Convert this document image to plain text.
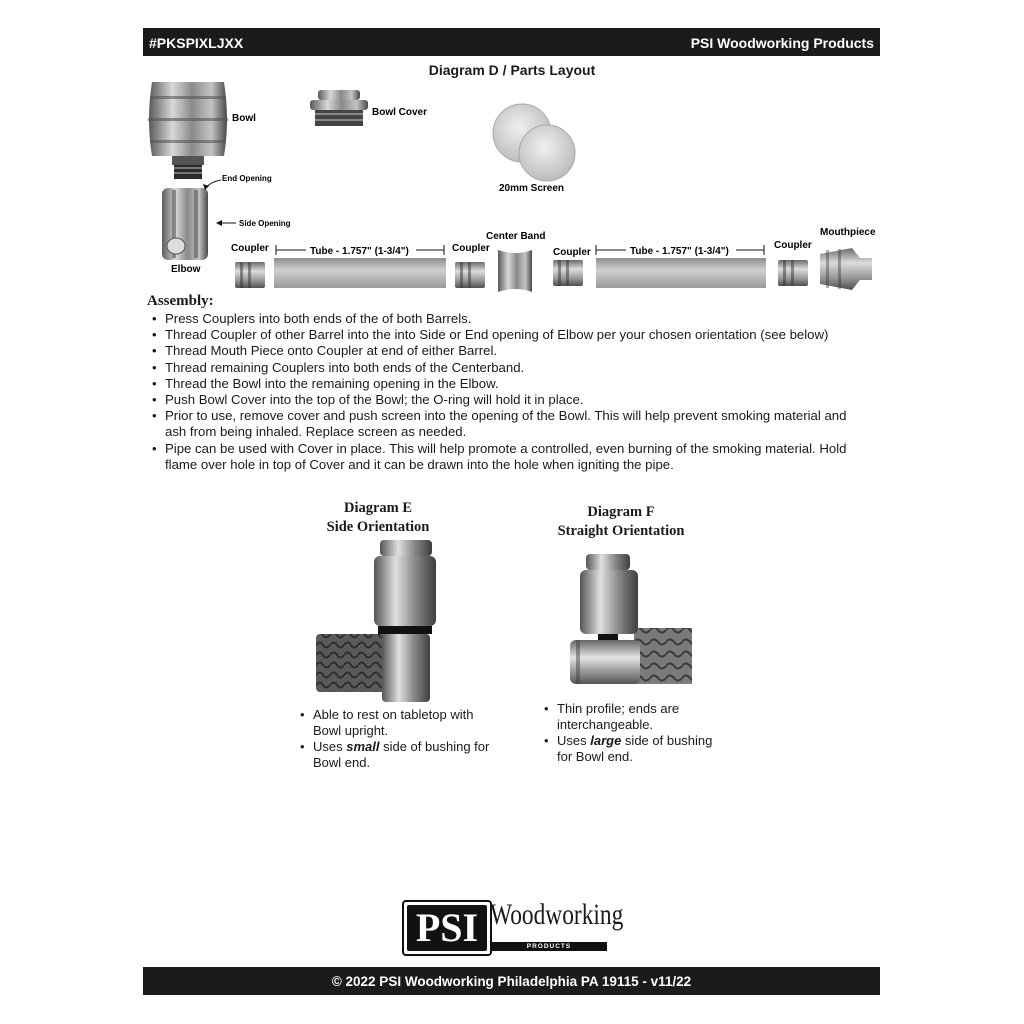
#PKSPIXLJXX	PSI Woodworking Products
Diagram D / Parts Layout
Bowl
Bowl Cover
20mm Screen
End Opening
Side Opening
Elbow
Coupler	Tube - 1.757" (1-3/4")	Coupler
Center Band
Coupler	Tube - 1.757" (1-3/4")
Coupler
Mouthpiece
Assembly:
• Press Couplers into both ends of the of both Barrels.
• Thread Coupler of other Barrel into the into Side or End opening of Elbow per your chosen orientation (see below)
• Thread Mouth Piece onto Coupler at end of either Barrel.
• Thread remaining Couplers into both ends of the Centerband.
• Thread the Bowl into the remaining opening in the Elbow.
• Push Bowl Cover into the top of the Bowl; the O-ring will hold it in place.
• Prior to use, remove cover and push screen into the opening of the Bowl. This will help prevent smoking material and ash from being inhaled. Replace screen as needed.
• Pipe can be used with Cover in place. This will help promote a controlled, even burning of the smoking material. Hold flame over hole in top of Cover and it can be drawn into the hole when igniting the pipe.
Diagram E
Side Orientation
• Able to rest on tabletop with Bowl upright.
• Uses small side of bushing for Bowl end.
Diagram F
Straight Orientation
• Thin profile; ends are interchangeable.
• Uses large side of bushing for Bowl end.
PSI Woodworking
PRODUCTS
© 2022 PSI Woodworking Philadelphia PA 19115 - v11/22
